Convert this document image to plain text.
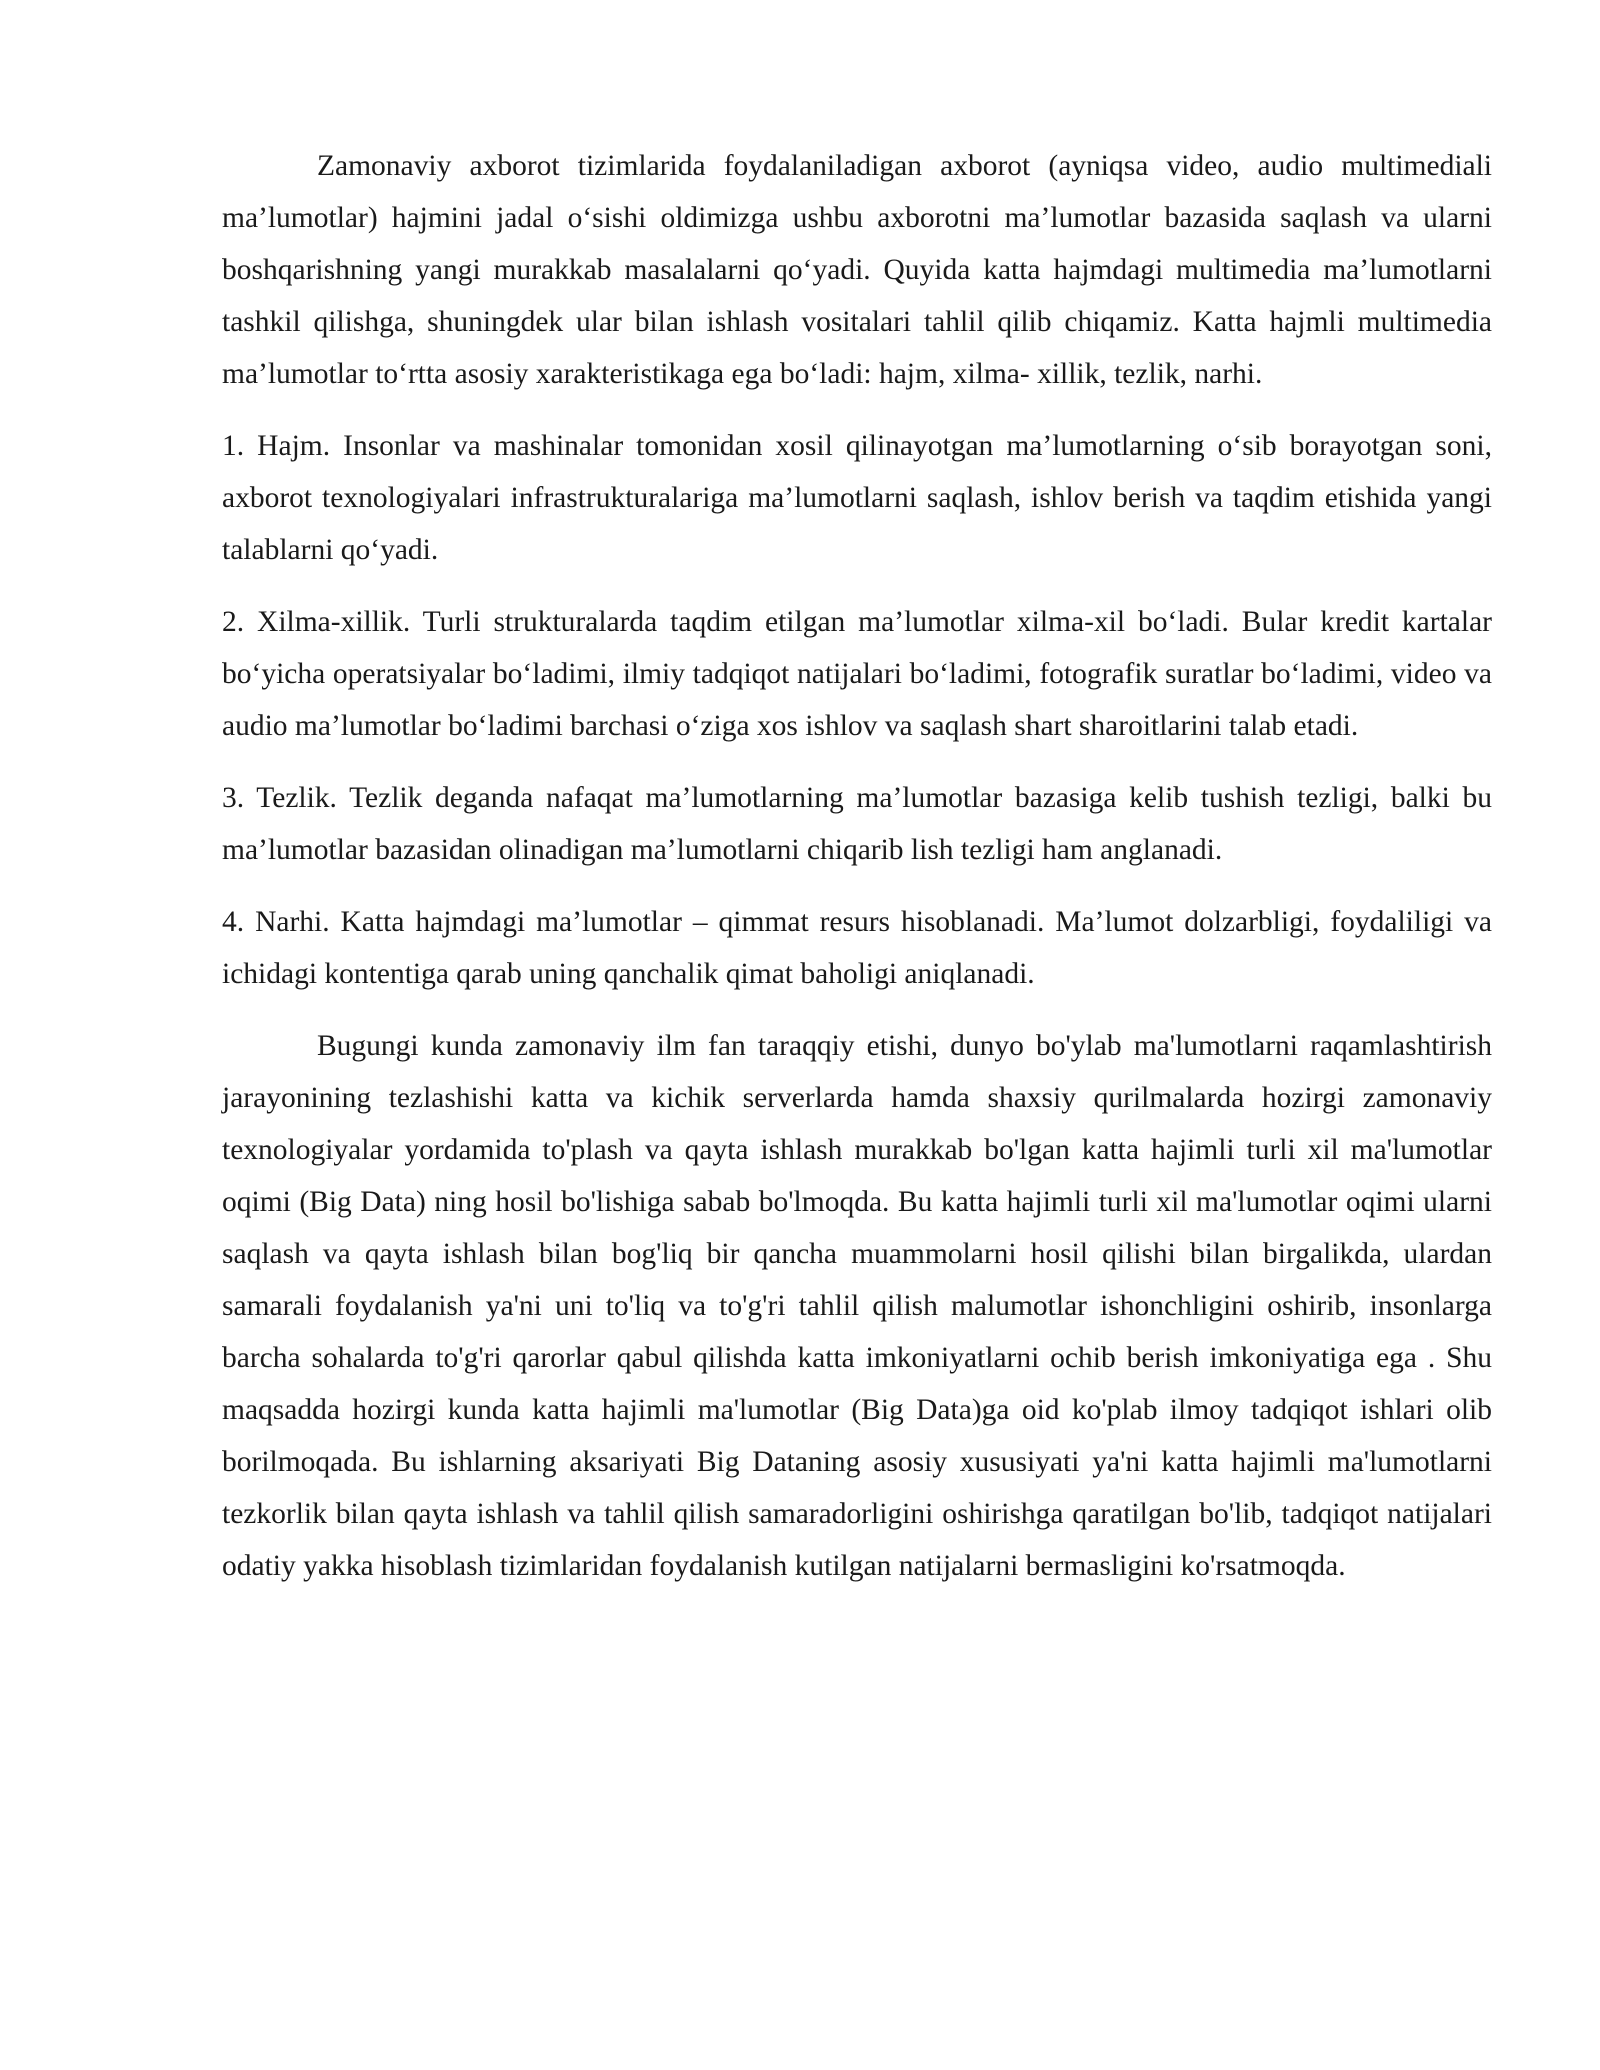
Zamonaviy axborot tizimlarida foydalaniladigan axborot (ayniqsa video, audio multimediali ma’lumotlar) hajmini jadal o‘sishi oldimizga ushbu axborotni ma’lumotlar bazasida saqlash va ularni boshqarishning yangi murakkab masalalarni qo‘yadi. Quyida katta hajmdagi multimedia ma’lumotlarni tashkil qilishga, shuningdek ular bilan ishlash vositalari tahlil qilib chiqamiz. Katta hajmli multimedia ma’lumotlar to‘rtta asosiy xarakteristikaga ega bo‘ladi: hajm, xilma- xillik, tezlik, narhi.

1. Hajm. Insonlar va mashinalar tomonidan xosil qilinayotgan ma’lumotlarning o‘sib borayotgan soni, axborot texnologiyalari infrastrukturalariga ma’lumotlarni saqlash, ishlov berish va taqdim etishida yangi talablarni qo‘yadi.

2. Xilma-xillik. Turli strukturalarda taqdim etilgan ma’lumotlar xilma-xil bo‘ladi. Bular kredit kartalar bo‘yicha operatsiyalar bo‘ladimi, ilmiy tadqiqot natijalari bo‘ladimi, fotografik suratlar bo‘ladimi, video va audio ma’lumotlar bo‘ladimi barchasi o‘ziga xos ishlov va saqlash shart sharoitlarini talab etadi.

3. Tezlik. Tezlik deganda nafaqat ma’lumotlarning ma’lumotlar bazasiga kelib tushish tezligi, balki bu ma’lumotlar bazasidan olinadigan ma’lumotlarni chiqarib lish tezligi ham anglanadi.

4. Narhi. Katta hajmdagi ma’lumotlar – qimmat resurs hisoblanadi. Ma’lumot dolzarbligi, foydaliligi va ichidagi kontentiga qarab uning qanchalik qimat baholigi aniqlanadi.

Bugungi kunda zamonaviy ilm fan taraqqiy etishi, dunyo bo'ylab ma'lumotlarni raqamlashtirish jarayonining tezlashishi katta va kichik serverlarda hamda shaxsiy qurilmalarda hozirgi zamonaviy texnologiyalar yordamida to'plash va qayta ishlash murakkab bo'lgan katta hajimli turli xil ma'lumotlar oqimi (Big Data) ning hosil bo'lishiga sabab bo'lmoqda. Bu katta hajimli turli xil ma'lumotlar oqimi ularni saqlash va qayta ishlash bilan bog'liq bir qancha muammolarni hosil qilishi bilan birgalikda, ulardan samarali foydalanish ya'ni uni to'liq va to'g'ri tahlil qilish malumotlar ishonchligini oshirib, insonlarga barcha sohalarda to'g'ri qarorlar qabul qilishda katta imkoniyatlarni ochib berish imkoniyatiga ega . Shu maqsadda hozirgi kunda katta hajimli ma'lumotlar (Big Data)ga oid ko'plab ilmoy tadqiqot ishlari olib borilmoqada. Bu ishlarning aksariyati Big Dataning asosiy xususiyati ya'ni katta hajimli ma'lumotlarni tezkorlik bilan qayta ishlash va tahlil qilish samaradorligini oshirishga qaratilgan bo'lib, tadqiqot natijalari odatiy yakka hisoblash tizimlaridan foydalanish kutilgan natijalarni bermasligini ko'rsatmoqda.
